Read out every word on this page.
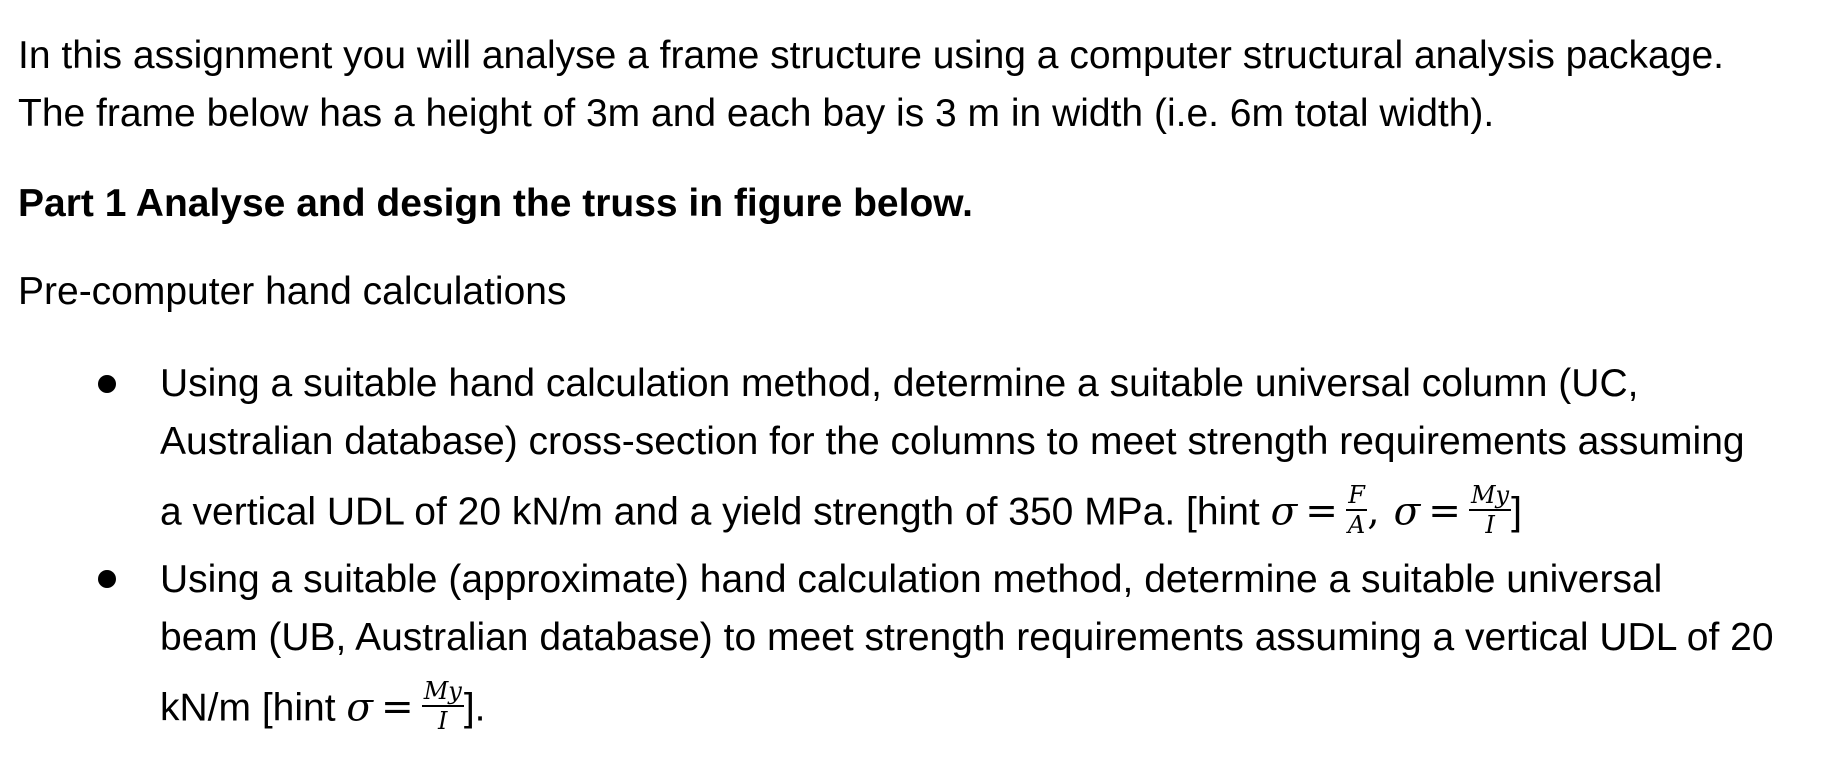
In this assignment you will analyse a frame structure using a computer structural analysis package.
The frame below has a height of 3m and each bay is 3 m in width (i.e. 6m total width).
Part 1 Analyse and design the truss in figure below.
Pre-computer hand calculations
Using a suitable hand calculation method, determine a suitable universal column (UC,
Australian database) cross-section for the columns to meet strength requirements assuming
a vertical UDL of 20 kN/m and a yield strength of 350 MPa. [hint $\sigma = \frac{F}{A}$ , $\sigma = \frac{My}{I}$ ]
Using a suitable (approximate) hand calculation method, determine a suitable universal
beam (UB, Australian database) to meet strength requirements assuming a vertical UDL of 20
kN/m [hint $\sigma = \frac{My}{I}$ ].
